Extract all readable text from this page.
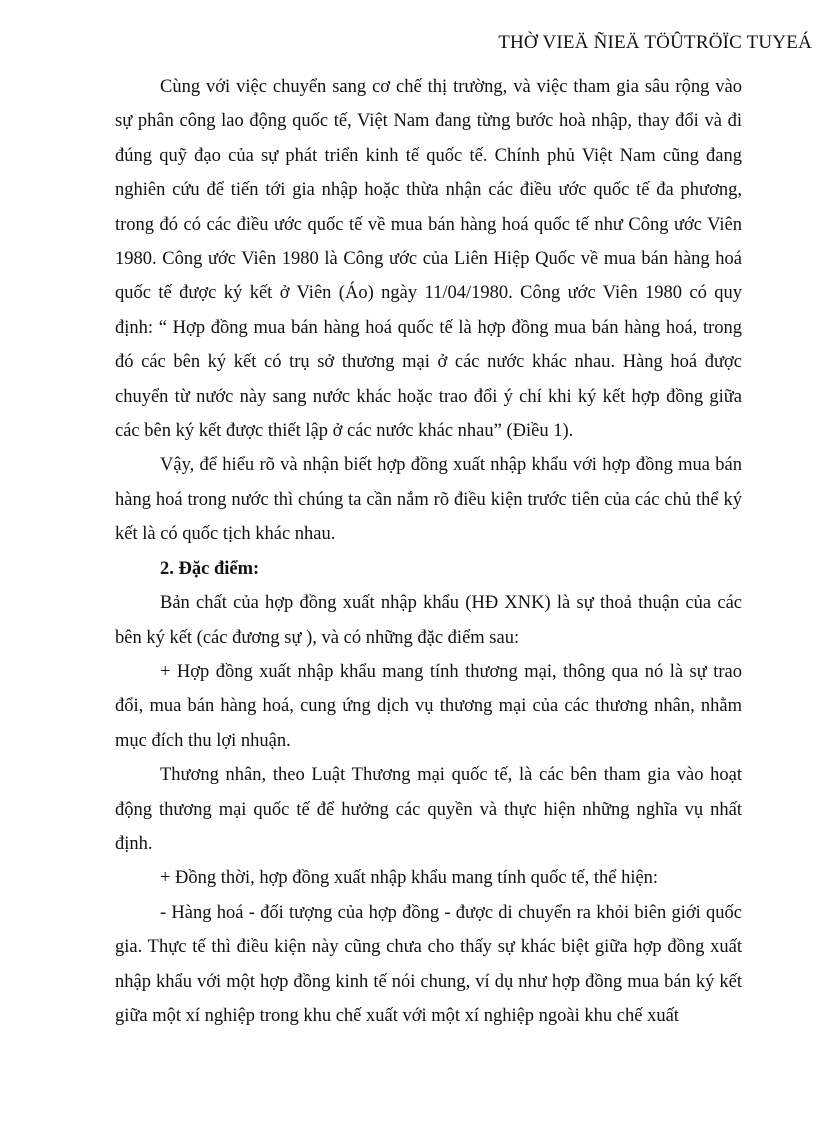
THỜ VIEÄ ÑIEÄ TÖÛTRÖÏC TUYEÁ

Cùng với việc chuyển sang cơ chế thị trường, và việc tham gia sâu rộng vào sự phân công lao động quốc tế, Việt Nam đang từng bước hoà nhập, thay đổi và đi đúng quỹ đạo của sự phát triển kinh tế quốc tế. Chính phủ Việt Nam cũng đang nghiên cứu để tiến tới gia nhập hoặc thừa nhận các điều ước quốc tế đa phương, trong đó có các điều ước quốc tế về mua bán hàng hoá quốc tế như Công ước Viên 1980. Công ước Viên 1980 là Công ước của Liên Hiệp Quốc về mua bán hàng hoá quốc tế được ký kết ở Viên (Áo) ngày 11/04/1980. Công ước Viên 1980 có quy định: “ Hợp đồng mua bán hàng hoá quốc tế là hợp đồng mua bán hàng hoá, trong đó các bên ký kết có trụ sở thương mại ở các nước khác nhau. Hàng hoá được chuyển từ nước này sang nước khác hoặc trao đổi ý chí khi ký kết hợp đồng giữa các bên ký kết được thiết lập ở các nước khác nhau” (Điều 1).

Vậy, để hiểu rõ và nhận biết hợp đồng xuất nhập khẩu với hợp đồng mua bán hàng hoá trong nước thì chúng ta cần nắm rõ điều kiện trước tiên của các chủ thể ký kết là có quốc tịch khác nhau.

2. Đặc điểm:

Bản chất của hợp đồng xuất nhập khẩu (HĐ XNK) là sự thoả thuận của các bên ký kết (các đương sự ), và có những đặc điểm sau:

+ Hợp đồng xuất nhập khẩu mang tính thương mại, thông qua nó là sự trao đổi, mua bán hàng hoá, cung ứng dịch vụ thương mại của các thương nhân, nhằm mục đích thu lợi nhuận.

Thương nhân, theo Luật Thương mại quốc tế, là các bên tham gia vào hoạt động thương mại quốc tế để hưởng các quyền và thực hiện những nghĩa vụ nhất định.

+ Đồng thời, hợp đồng xuất nhập khẩu mang tính quốc tế, thể hiện:

- Hàng hoá - đối tượng của hợp đồng - được di chuyển ra khỏi biên giới quốc gia. Thực tế thì điều kiện này cũng chưa cho thấy sự khác biệt giữa hợp đồng xuất nhập khẩu với một hợp đồng kinh tế nói chung, ví dụ như hợp đồng mua bán ký kết giữa một xí nghiệp trong khu chế xuất với một xí nghiệp ngoài khu chế xuất
